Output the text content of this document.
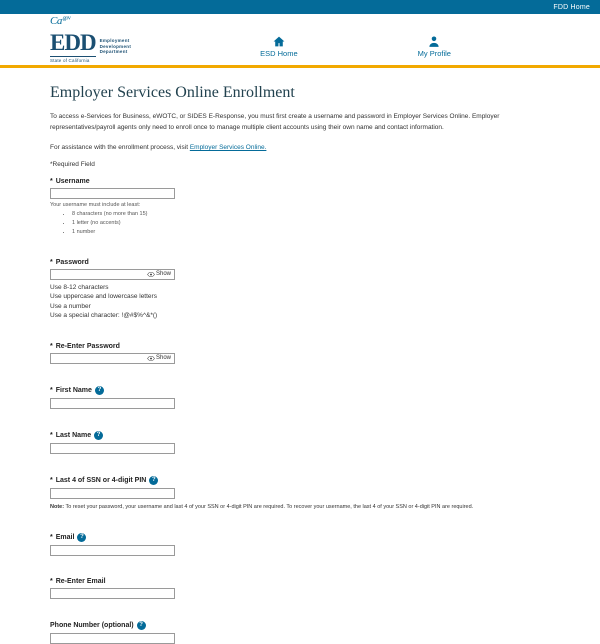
FDD Home
$Ca^{.gov}$
EDD
State of California
Employment
Development
Department	ESD Home	My Profile
Employer Services Online Enrollment

To access e-Services for Business, eWOTC, or SIDES E-Response, you must first create a username and password in Employer Services Online. Employer representatives/payroll agents only need to enroll once to manage multiple client accounts using their own name and contact information.

For assistance with the enrollment process, visit Employer Services Online.

*Required Field

* Username
Your username must include at least:
• 8 characters (no more than 15)
• 1 letter (no accents)
• 1 number
* Password
Show
Use 8-12 characters
Use uppercase and lowercase letters
Use a number
Use a special character: !@#$%^&*()
* Re-Enter Password
Show
* First Name ?
* Last Name ?
* Last 4 of SSN or 4-digit PIN ?
Note: To reset your password, your username and last 4 of your SSN or 4-digit PIN are required. To recover your username, the last 4 of your SSN or 4-digit PIN are required.
* Email ?
* Re-Enter Email
Phone Number (optional) ?
